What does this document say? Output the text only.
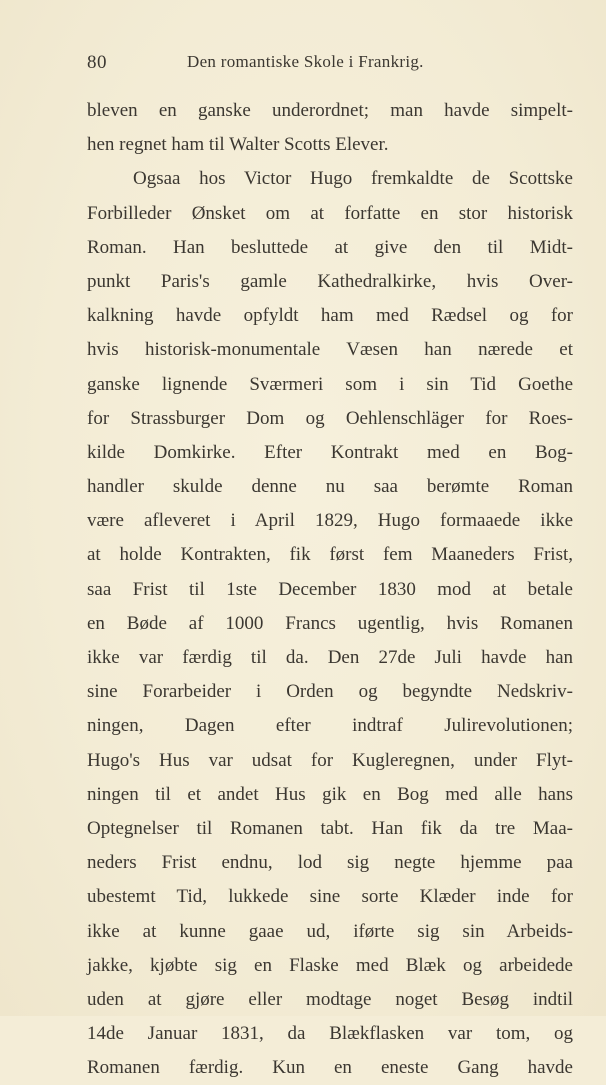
80	Den romantiske Skole i Frankrig.
bleven en ganske underordnet; man havde simpelt-
hen regnet ham til Walter Scotts Elever.
Ogsaa hos Victor Hugo fremkaldte de Scottske
Forbilleder Ønsket om at forfatte en stor historisk
Roman. Han besluttede at give den til Midt-
punkt Paris's gamle Kathedralkirke, hvis Over-
kalkning havde opfyldt ham med Rædsel og for
hvis historisk-monumentale Væsen han nærede et
ganske lignende Sværmeri som i sin Tid Goethe
for Strassburger Dom og Oehlenschläger for Roes-
kilde Domkirke. Efter Kontrakt med en Bog-
handler skulde denne nu saa berømte Roman
være afleveret i April 1829, Hugo formaaede ikke
at holde Kontrakten, fik først fem Maaneders Frist,
saa Frist til 1ste December 1830 mod at betale
en Bøde af 1000 Francs ugentlig, hvis Romanen
ikke var færdig til da. Den 27de Juli havde han
sine Forarbeider i Orden og begyndte Nedskriv-
ningen, Dagen efter indtraf Julirevolutionen;
Hugo's Hus var udsat for Kugleregnen, under Flyt-
ningen til et andet Hus gik en Bog med alle hans
Optegnelser til Romanen tabt. Han fik da tre Maa-
neders Frist endnu, lod sig negte hjemme paa
ubestemt Tid, lukkede sine sorte Klæder inde for
ikke at kunne gaae ud, iførte sig sin Arbeids-
jakke, kjøbte sig en Flaske med Blæk og arbeidede
uden at gjøre eller modtage noget Besøg indtil
14de Januar 1831, da Blækflasken var tom, og
Romanen færdig. Kun en eneste Gang havde
